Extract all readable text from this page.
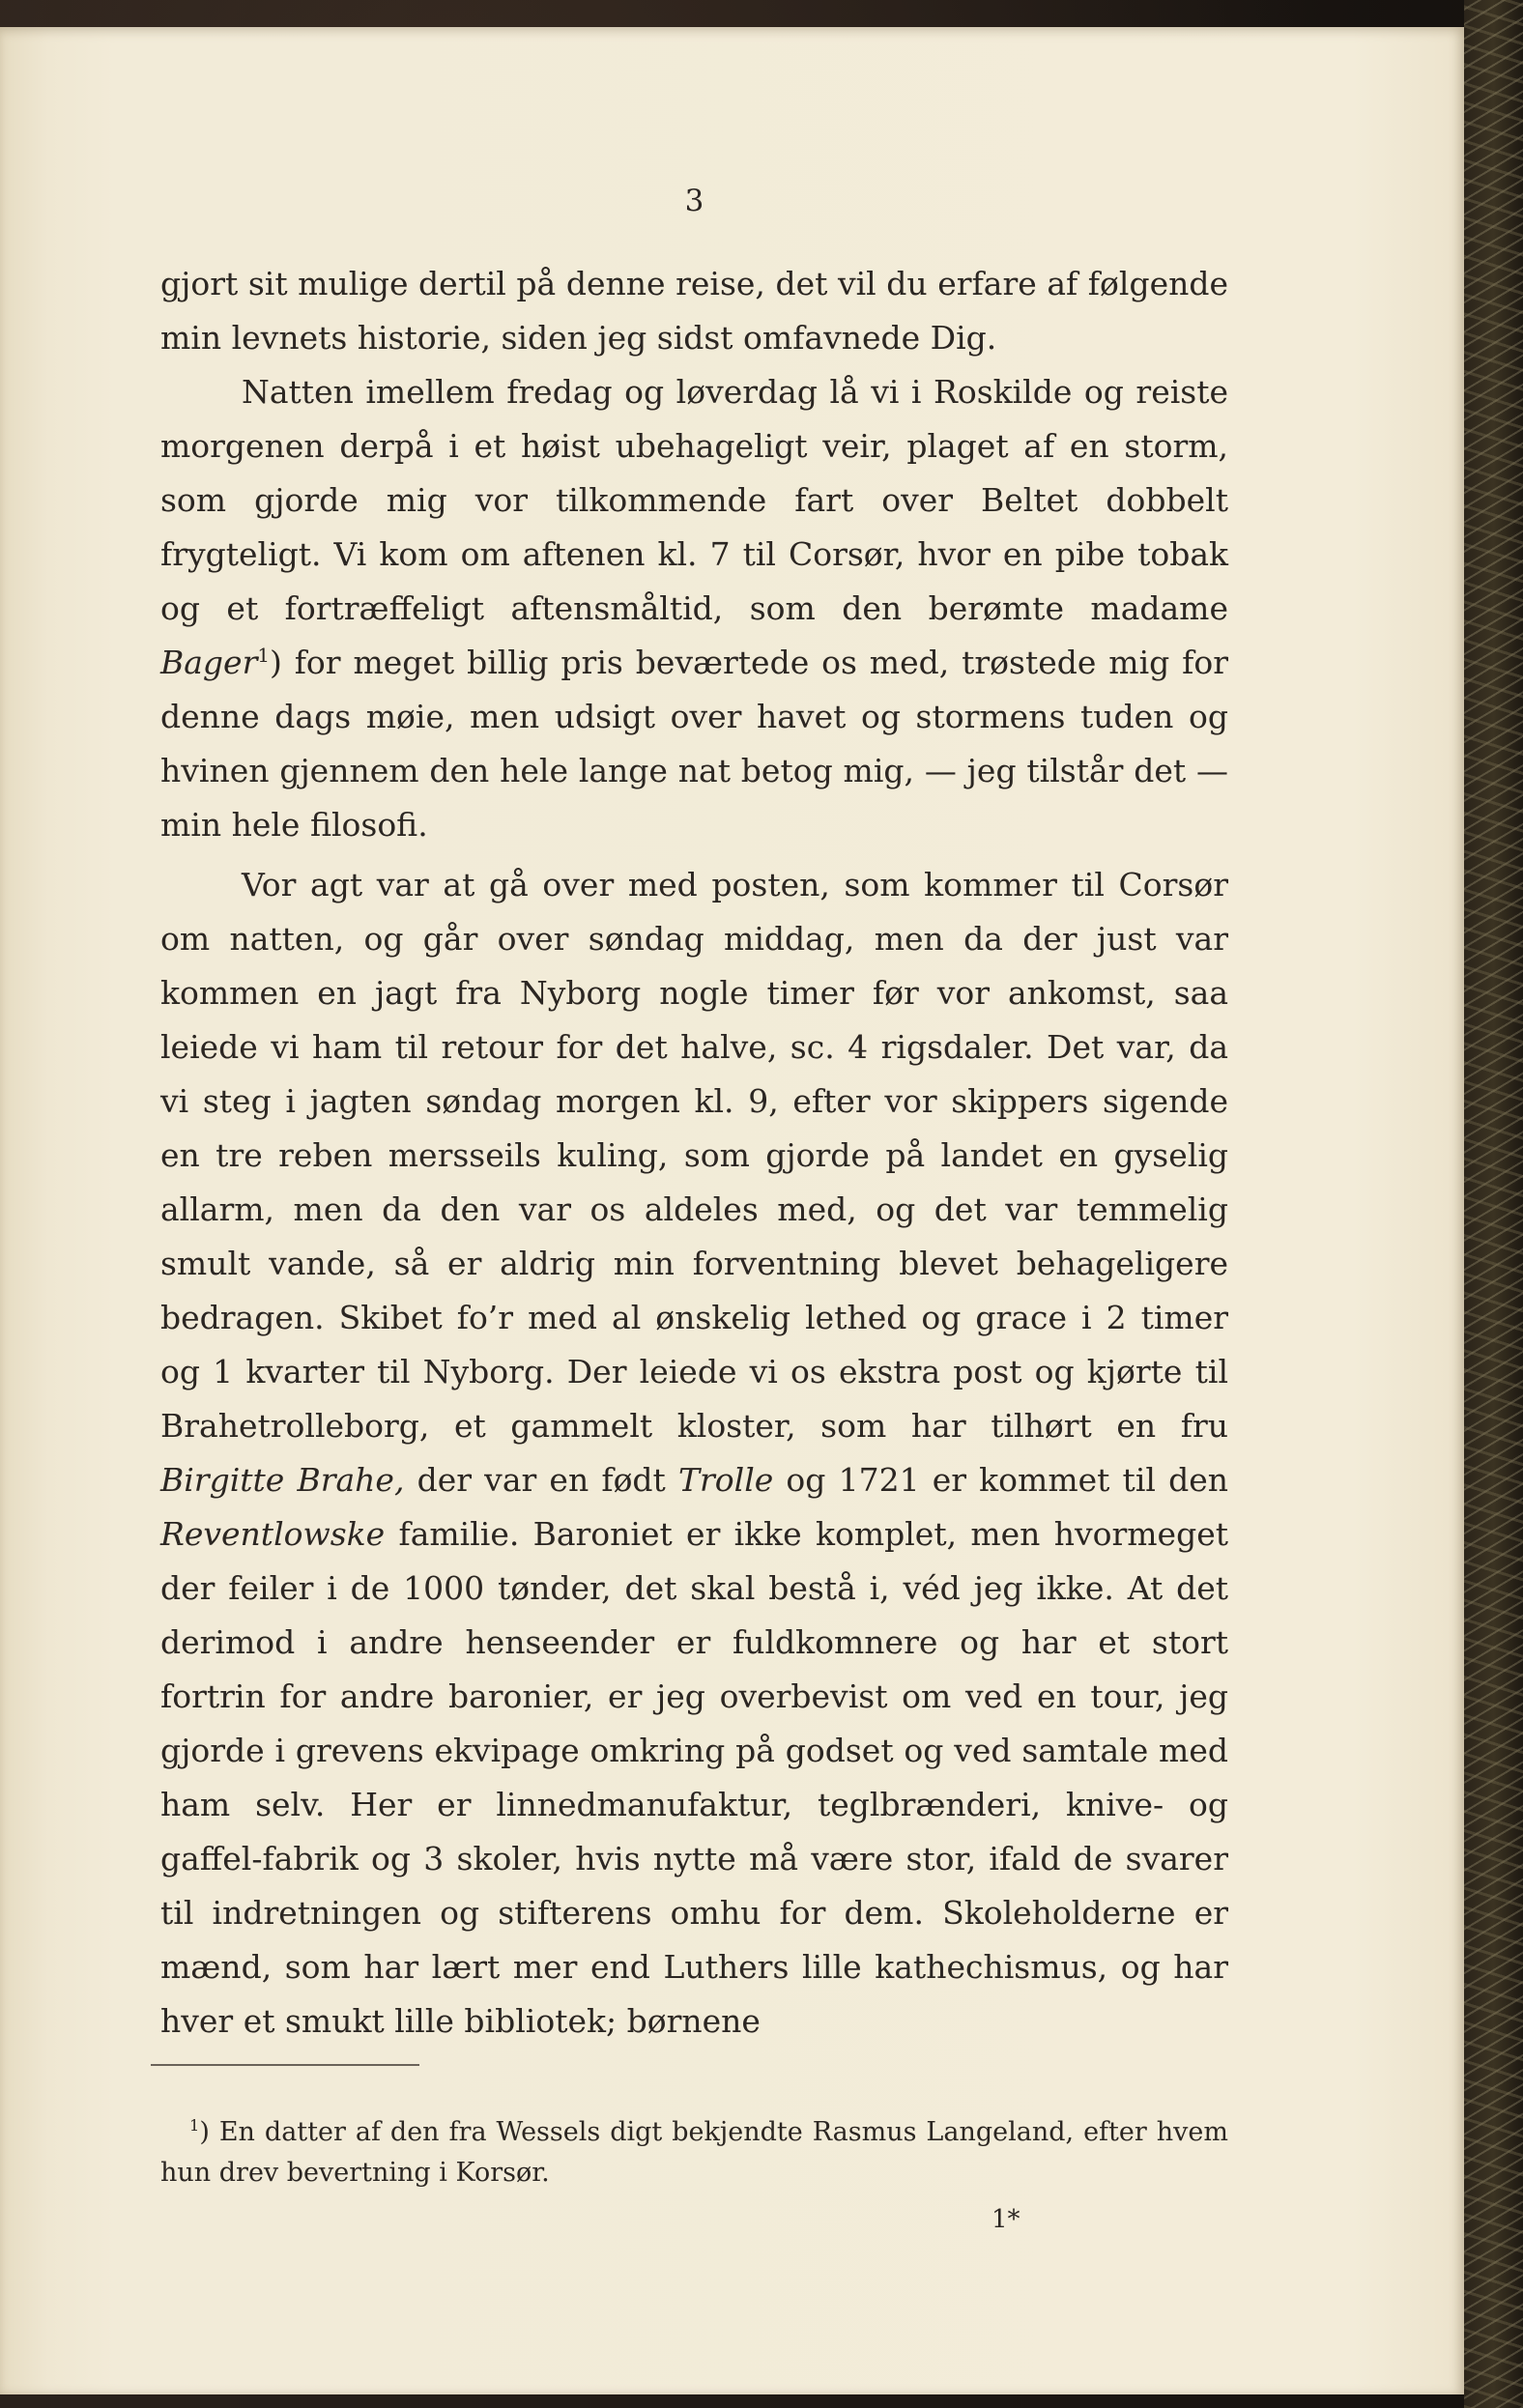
3

gjort sit mulige dertil på denne reise, det vil du erfare af følgende min levnets historie, siden jeg sidst omfavnede Dig.

Natten imellem fredag og løverdag lå vi i Roskilde og reiste morgenen derpå i et høist ubehageligt veir, plaget af en storm, som gjorde mig vor tilkommende fart over Beltet dobbelt frygteligt. Vi kom om aftenen kl. 7 til Corsør, hvor en pibe tobak og et fortræffeligt aftensmåltid, som den berømte madame Bager$^1$) for meget billig pris beværtede os med, trøstede mig for denne dags møie, men udsigt over havet og stormens tuden og hvinen gjennem den hele lange nat betog mig, — jeg tilstår det — min hele filosofi.

Vor agt var at gå over med posten, som kommer til Corsør om natten, og går over søndag middag, men da der just var kommen en jagt fra Nyborg nogle timer før vor ankomst, saa leiede vi ham til retour for det halve, sc. 4 rigsdaler. Det var, da vi steg i jagten søndag morgen kl. 9, efter vor skippers sigende en tre reben mersseils kuling, som gjorde på landet en gyselig allarm, men da den var os aldeles med, og det var temmelig smult vande, så er aldrig min forventning blevet behageligere bedragen. Skibet fo’r med al ønskelig lethed og grace i 2 timer og 1 kvarter til Nyborg. Der leiede vi os ekstra post og kjørte til Brahetrolleborg, et gammelt kloster, som har tilhørt en fru Birgitte Brahe, der var en født Trolle og 1721 er kommet til den Reventlowske familie. Baroniet er ikke komplet, men hvormeget der feiler i de 1000 tønder, det skal bestå i, véd jeg ikke. At det derimod i andre henseender er fuldkomnere og har et stort fortrin for andre baronier, er jeg overbevist om ved en tour, jeg gjorde i grevens ekvipage omkring på godset og ved samtale med ham selv. Her er linnedmanufaktur, teglbrænderi, knive- og gaffel-fabrik og 3 skoler, hvis nytte må være stor, ifald de svarer til indretningen og stifterens omhu for dem. Skoleholderne er mænd, som har lært mer end Luthers lille kathechismus, og har hver et smukt lille bibliotek; børnene

$^1$) En datter af den fra Wessels digt bekjendte Rasmus Langeland, efter hvem hun drev bevertning i Korsør.

1*
